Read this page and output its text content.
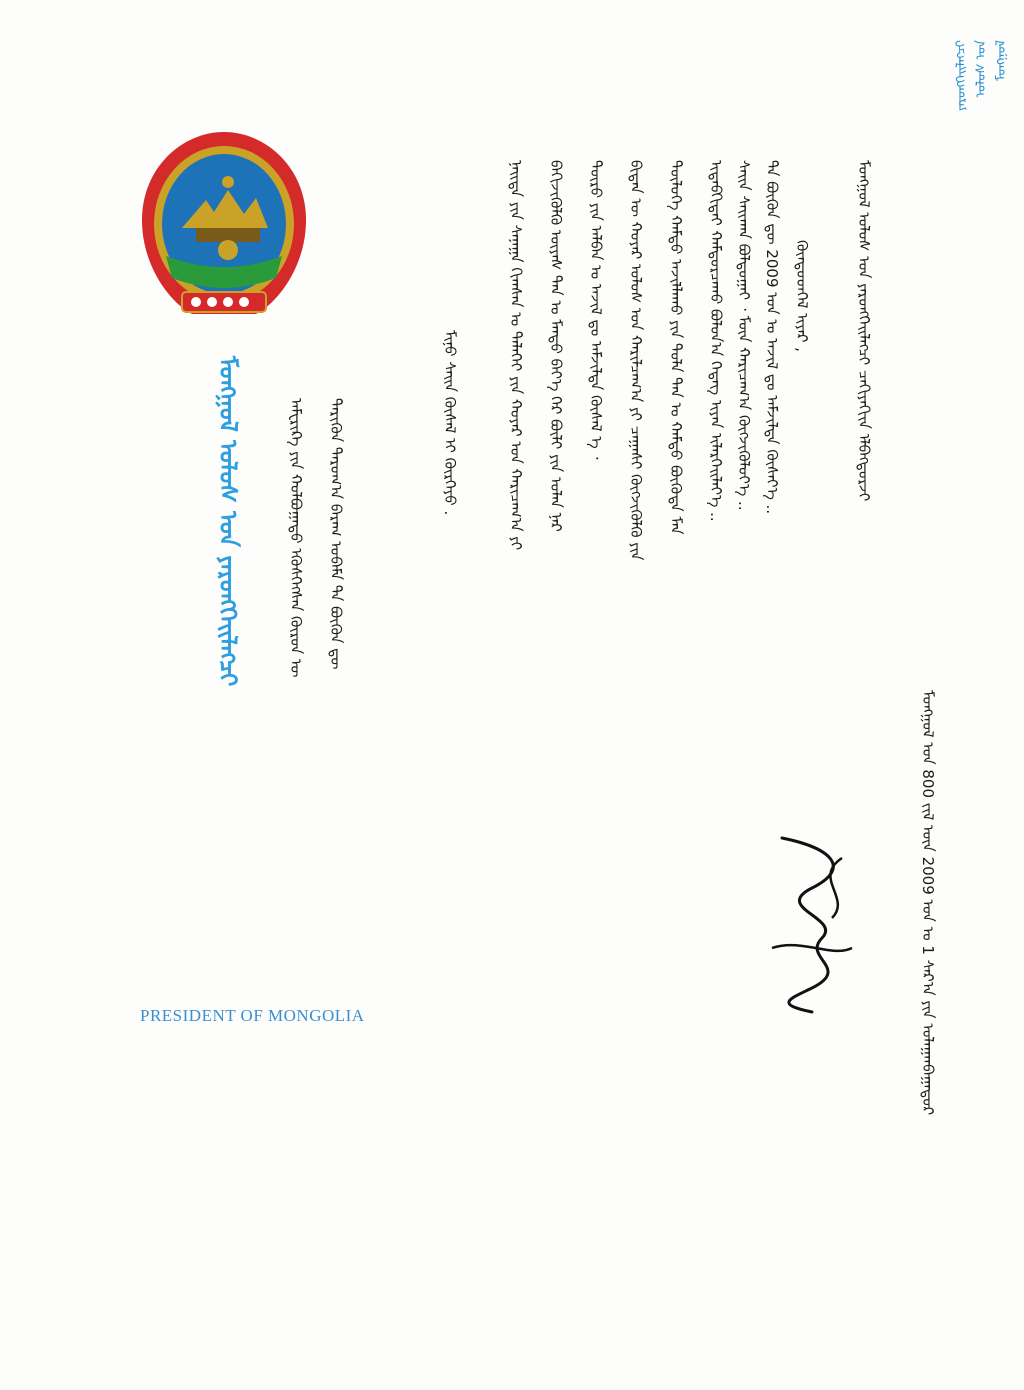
ᠮᠣᠩᠭᠣᠯ
ᠤᠯᠤᠰ ᠤᠨ
ᠶᠡᠷᠦᠩᠬᠡᠢᠯᠡᠭᠴᠢ
ᠮᠣᠩᠭᠣᠯ ᠤᠯᠤᠰ ᠤᠨ ᠶᠡᠷᠦᠩᠬᠡᠢᠯᠡᠭᠴᠢ	ᠠᠮᠧᠷᠢᠺᠠ ᠶᠢᠨ ᠬᠣᠯᠪᠣᠭᠠᠲᠤ ᠡᠭᠦᠰᠬᠡᠭᠰᠡᠨ ᠭᠦᠷᠦᠨ ᠦ	ᠲᠡᠷᠢᠭᠦᠨ ᠳᠠᠷᠤᠭ᠎ᠠ ᠪᠠᠷᠠᠭ ᠣᠪᠠᠮᠠ ᠲᠠ ᠪᠦᠬᠦᠨ ᠳᠦ	ᠮᠢᠨᠤ ᠰᠠᠢᠨ ᠬᠦᠰᠡᠯ ᠢ ᠬᠦᠷᠭᠡᠶᠦ .	ᠨᠡᠢᠲᠡ ᠶᠢᠨ ᠰᠠᠨᠠᠭᠠ ᠬᠢᠭᠰᠠᠨ ᠤ ᠲᠡᠯᠡᠭᠡᠢ ᠶᠢᠨ ᠬᠣᠶᠠᠷ ᠤᠨ ᠬᠠᠷᠢᠴᠠᠭ᠎ᠠ ᠶᠢ	ᠪᠡᠬᠢᠵᠢᠭᠦᠯᠬᠦ ᠦᠶᠡᠰ ᠲᠠᠨ ᠤ ᠮᠡᠨᠳᠦ ᠪᠡᠶ᠎ᠡ ᠭᠡᠷ ᠪᠦᠯᠢ ᠶᠢᠨ ᠤᠯᠠᠨ ᠨᠡᠷ	ᠲᠦᠷᠦ ᠶᠢᠨ ᠠᠯᠪᠠᠨ ᠤ ᠠᠵᠢᠯ ᠳᠤ ᠠᠮᠵᠢᠯᠲᠠ ᠬᠦᠰᠡᠯ ᠡ ᠂	ᠪᠢᠳᠡᠨ ᠦ ᠬᠣᠶᠠᠷ ᠤᠯᠤᠰ ᠤᠨ ᠬᠠᠷᠢᠯᠴᠠᠭ᠎ᠠ ᠶᠢ ᠴᠠᠭᠠᠰᠢ ᠬᠥᠭᠵᠢᠭᠦᠯᠬᠦ ᠶᠢᠨ	ᠲᠥᠯᠥᠭᠡ ᠬᠠᠮᠲᠤ ᠠᠵᠢᠯᠯᠠᠬᠤ ᠶᠢᠨ ᠲᠤᠯᠠ ᠲᠠᠨ ᠤ ᠬᠠᠮᠲᠤ ᠪᠦᠭᠦᠳᠡ ᠮᠠᠨ	ᠢᠳᠡᠪᠬᠢᠲᠡᠢ ᠬᠠᠮᠲᠤᠷᠴᠠᠬᠤ ᠪᠣᠯᠤᠨ᠎ᠠ ᠭᠡᠳᠡᠭ ᠢᠶᠡᠨ ᠢᠯᠡᠷᠬᠡᠢᠯᠡᠶ᠎ᠡ .. ᠰᠠᠢᠨ ᠰᠠᠢᠬᠠᠨ ᠪᠣᠯᠲᠤᠭᠠᠢ ᠂ ᠮᠥᠨ ᠬᠠᠷᠢᠴᠠᠭ᠎ᠠ ᠬᠥᠭᠵᠢᠭᠦᠯᠦᠶ᠎ᠡ .. ᠲᠠ ᠪᠦᠬᠦᠨ ᠳᠦ 2009 ᠣᠨ ᠤ ᠠᠵᠢᠯ ᠳᠤ ᠠᠮᠵᠢᠯᠲᠠ ᠬᠦᠰᠡᠶ᠎ᠡ .. ᠬᠦᠨᠳᠦᠳᠬᠡᠯ ᠢᠶᠡᠷ ,	ᠮᠣᠩᠭᠣᠯ ᠤᠯᠤᠰ ᠤᠨ ᠶᠡᠷᠦᠩᠬᠡᠢᠯᠡᠭᠴᠢ ᠴᠠᠬᠢᠶᠠᠭᠢᠢᠨ ᠡᠯᠪᠡᠭᠳᠣᠷᠵᠢ
ᠮᠣᠩᠭᠣᠯ ᠤᠨ 800 ᠵᠢᠯ ᠦᠨ 2009 ᠣᠨ ᠤ 1 ᠰᠠᠷ᠎ᠠ ᠶᠢᠨ ᠤᠯᠠᠭᠠᠨᠪᠠᠭᠠᠲᠤᠷ
PRESIDENT OF MONGOLIA
